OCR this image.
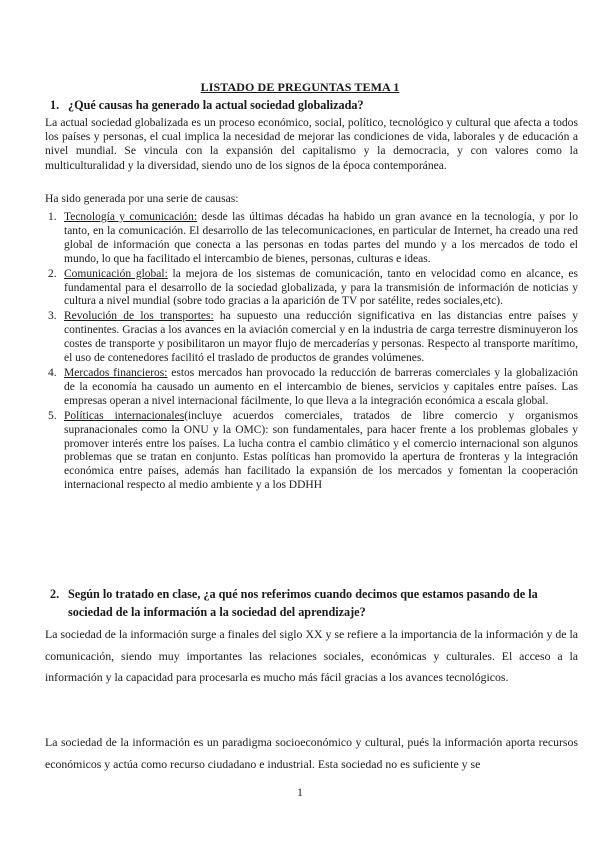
LISTADO DE PREGUNTAS TEMA 1
1. ¿Qué causas ha generado la actual sociedad globalizada?

La actual sociedad globalizada es un proceso económico, social, político, tecnológico y cultural que afecta a todos los países y personas, el cual implica la necesidad de mejorar las condiciones de vida, laborales y de educación a nivel mundial. Se vincula con la expansión del capitalismo y la democracia, y con valores como la multiculturalidad y la diversidad, siendo uno de los signos de la época contemporánea.

Ha sido generada por una serie de causas:

1. Tecnología y comunicación: desde las últimas décadas ha habido un gran avance en la tecnología, y por lo tanto, en la comunicación. El desarrollo de las telecomunicaciones, en particular de Internet, ha creado una red global de información que conecta a las personas en todas partes del mundo y a los mercados de todo el mundo, lo que ha facilitado el intercambio de bienes, personas, culturas e ideas.
2. Comunicación global: la mejora de los sistemas de comunicación, tanto en velocidad como en alcance, es fundamental para el desarrollo de la sociedad globalizada, y para la transmisión de información de noticias y cultura a nivel mundial (sobre todo gracias a la aparición de TV por satélite, redes sociales,etc).
3. Revolución de los transportes: ha supuesto una reducción significativa en las distancias entre países y continentes. Gracias a los avances en la aviación comercial y en la industria de carga terrestre disminuyeron los costes de transporte y posibilitaron un mayor flujo de mercaderías y personas. Respecto al transporte marítimo, el uso de contenedores facilitó el traslado de productos de grandes volúmenes.
4. Mercados financieros: estos mercados han provocado la reducción de barreras comerciales y la globalización de la economía ha causado un aumento en el intercambio de bienes, servicios y capitales entre países. Las empresas operan a nivel internacional fácilmente, lo que lleva a la integración económica a escala global.
5. Políticas internacionales(incluye acuerdos comerciales, tratados de libre comercio y organismos supranacionales como la ONU y la OMC): son fundamentales, para hacer frente a los problemas globales y promover interés entre los países. La lucha contra el cambio climático y el comercio internacional son algunos problemas que se tratan en conjunto. Estas políticas han promovido la apertura de fronteras y la integración económica entre países, además han facilitado la expansión de los mercados y fomentan la cooperación internacional respecto al medio ambiente y a los DDHH
2. Según lo tratado en clase, ¿a qué nos referimos cuando decimos que estamos pasando de la
sociedad de la información a la sociedad del aprendizaje?

La sociedad de la información surge a finales del siglo XX y se refiere a la importancia de la información y de la comunicación, siendo muy importantes las relaciones sociales, económicas y culturales. El acceso a la información y la capacidad para procesarla es mucho más fácil gracias a los avances tecnológicos.

La sociedad de la información es un paradigma socioeconómico y cultural, pués la información aporta recursos económicos y actúa como recurso ciudadano e industrial. Esta sociedad no es suficiente y se

1
